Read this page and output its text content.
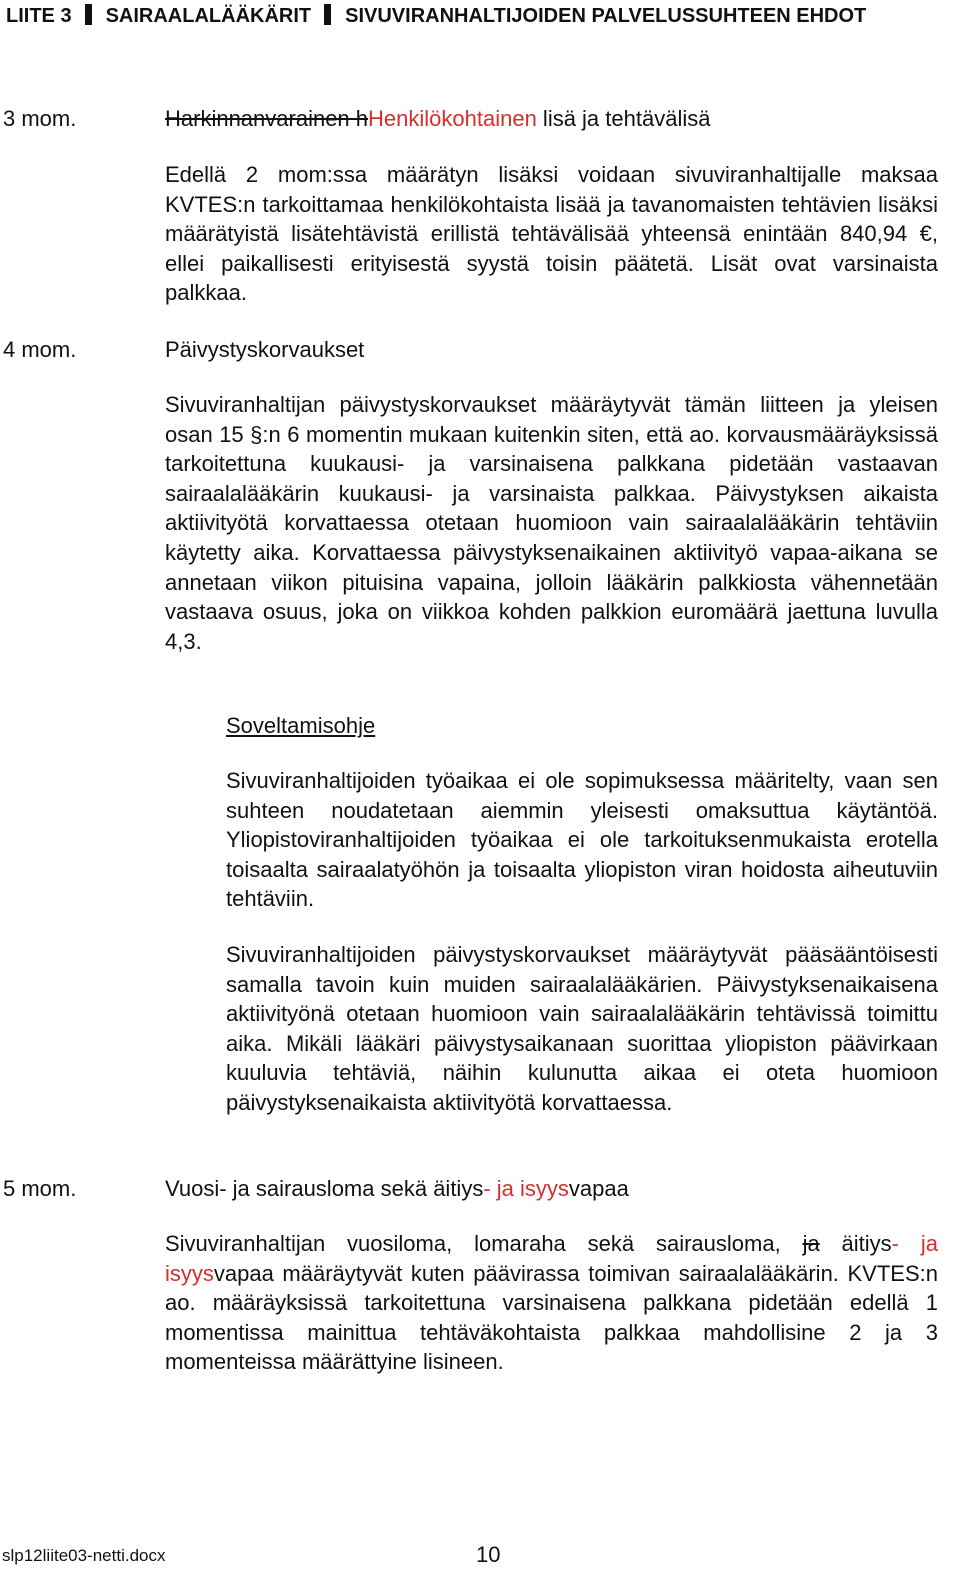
LIITE 3 SAIRAALALÄÄKÄRIT SIVUVIRANHALTIJOIDEN PALVELUSSUHTEEN EHDOT
3 mom.	Harkinnanvarainen hHenkilökohtainen lisä ja tehtävälisä

Edellä 2 mom:ssa määrätyn lisäksi voidaan sivuviranhaltijalle maksaa KVTES:n tarkoittamaa henkilökohtaista lisää ja tavanomaisten tehtävien lisäksi määrätyistä lisätehtävistä erillistä tehtävälisää yhteensä enintään 840,94 €, ellei paikallisesti erityisestä syystä toisin päätetä. Lisät ovat varsinaista palkkaa.

4 mom.	Päivystyskorvaukset

Sivuviranhaltijan päivystyskorvaukset määräytyvät tämän liitteen ja yleisen osan 15 §:n 6 momentin mukaan kuitenkin siten, että ao. korvausmääräyksissä tarkoitettuna kuukausi- ja varsinaisena palkkana pidetään vastaavan sairaalalääkärin kuukausi- ja varsinaista palkkaa. Päivystyksen aikaista aktiivityötä korvattaessa otetaan huomioon vain sairaalalääkärin tehtäviin käytetty aika. Korvattaessa päivystyksenaikainen aktiivityö vapaa-aikana se annetaan viikon pituisina vapaina, jolloin lääkärin palkkiosta vähennetään vastaava osuus, joka on viikkoa kohden palkkion euromäärä jaettuna luvulla 4,3.

Soveltamisohje

Sivuviranhaltijoiden työaikaa ei ole sopimuksessa määritelty, vaan sen suhteen noudatetaan aiemmin yleisesti omaksuttua käytäntöä. Yliopistoviranhaltijoiden työaikaa ei ole tarkoituksenmukaista erotella toisaalta sairaalatyöhön ja toisaalta yliopiston viran hoidosta aiheutuviin tehtäviin.

Sivuviranhaltijoiden päivystyskorvaukset määräytyvät pääsääntöisesti samalla tavoin kuin muiden sairaalalääkärien. Päivystyksenaikaisena aktiivityönä otetaan huomioon vain sairaalalääkärin tehtävissä toimittu aika. Mikäli lääkäri päivystysaikanaan suorittaa yliopiston päävirkaan kuuluvia tehtäviä, näihin kulunutta aikaa ei oteta huomioon päivystyksenaikaista aktiivityötä korvattaessa.

5 mom.	Vuosi- ja sairausloma sekä äitiys- ja isyysvapaa

Sivuviranhaltijan vuosiloma, lomaraha sekä sairausloma, ja äitiys- ja isyysvapaa määräytyvät kuten päävirassa toimivan sairaalalääkärin. KVTES:n ao. määräyksissä tarkoitettuna varsinaisena palkkana pidetään edellä 1 momentissa mainittua tehtäväkohtaista palkkaa mahdollisine 2 ja 3 momenteissa määrättyine lisineen.

slp12liite03-netti.docx	10
